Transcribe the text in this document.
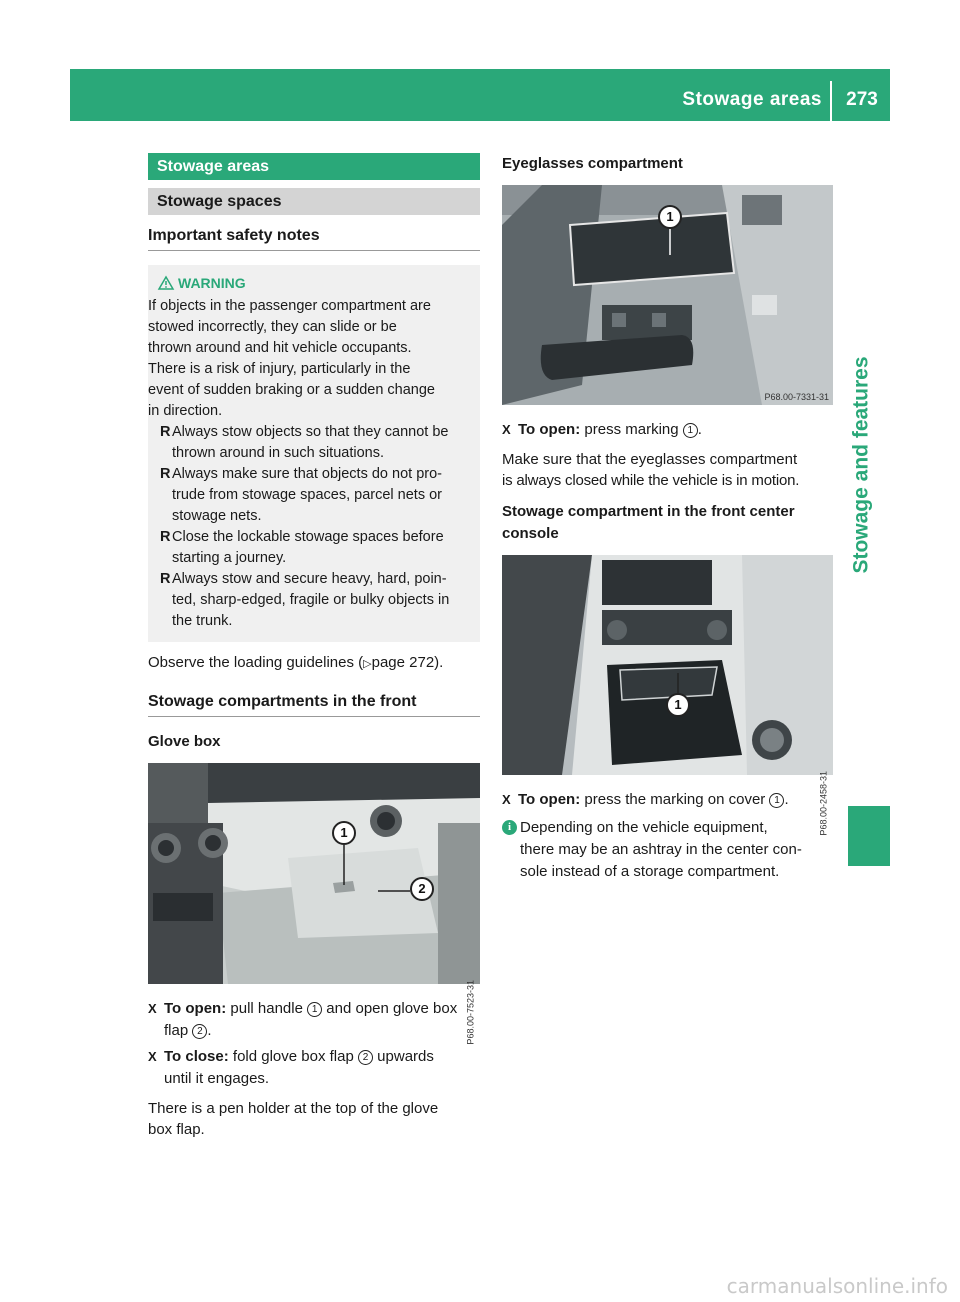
Stowage areas	273
Stowage and features
Stowage areas
Stowage spaces
Important safety notes
WARNING
If objects in the passenger compartment are
stowed incorrectly, they can slide or be
thrown around and hit vehicle occupants.
There is a risk of injury, particularly in the
event of sudden braking or a sudden change
in direction.
R Always stow objects so that they cannot be
thrown around in such situations.
R Always make sure that objects do not pro-
trude from stowage spaces, parcel nets or
stowage nets.
R Close the lockable stowage spaces before
starting a journey.
R Always stow and secure heavy, hard, poin-
ted, sharp-edged, fragile or bulky objects in
the trunk.
Observe the loading guidelines (▷page 272).
Stowage compartments in the front
Glove box
1
2
P68.00-7523-31
X To open: pull handle 1 and open glove box
flap 2 .
X To close: fold glove box flap 2 upwards
until it engages.
There is a pen holder at the top of the glove
box flap.
Eyeglasses compartment
1
P68.00-7331-31
X To open: press marking 1 .
Make sure that the eyeglasses compartment
is always closed while the vehicle is in motion.
Stowage compartment in the front center
console
1
P68.00-2458-31
X To open: press the marking on cover 1 .
i Depending on the vehicle equipment,
there may be an ashtray in the center con-
sole instead of a storage compartment.
carmanualsonline.info
